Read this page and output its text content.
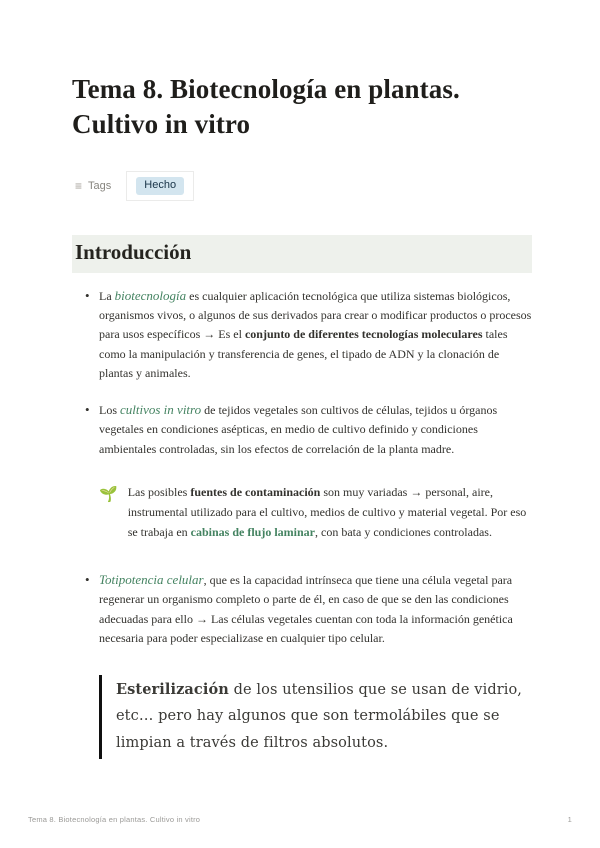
Tema 8. Biotecnología en plantas. Cultivo in vitro
≡ Tags	Hecho
Introducción
• La biotecnología es cualquier aplicación tecnológica que utiliza sistemas biológicos, organismos vivos, o algunos de sus derivados para crear o modificar productos o procesos para usos específicos → Es el conjunto de diferentes tecnologías moleculares tales como la manipulación y transferencia de genes, el tipado de ADN y la clonación de plantas y animales.
• Los cultivos in vitro de tejidos vegetales son cultivos de células, tejidos u órganos vegetales en condiciones asépticas, en medio de cultivo definido y condiciones ambientales controladas, sin los efectos de correlación de la planta madre.
🌱 Las posibles fuentes de contaminación son muy variadas → personal, aire, instrumental utilizado para el cultivo, medios de cultivo y material vegetal. Por eso se trabaja en cabinas de flujo laminar, con bata y condiciones controladas.
• Totipotencia celular, que es la capacidad intrínseca que tiene una célula vegetal para regenerar un organismo completo o parte de él, en caso de que se den las condiciones adecuadas para ello → Las células vegetales cuentan con toda la información genética necesaria para poder especializase en cualquier tipo celular.
Esterilización de los utensilios que se usan de vidrio, etc… pero hay algunos que son termolábiles que se limpian a través de filtros absolutos.
Tema 8. Biotecnología en plantas. Cultivo in vitro	1
